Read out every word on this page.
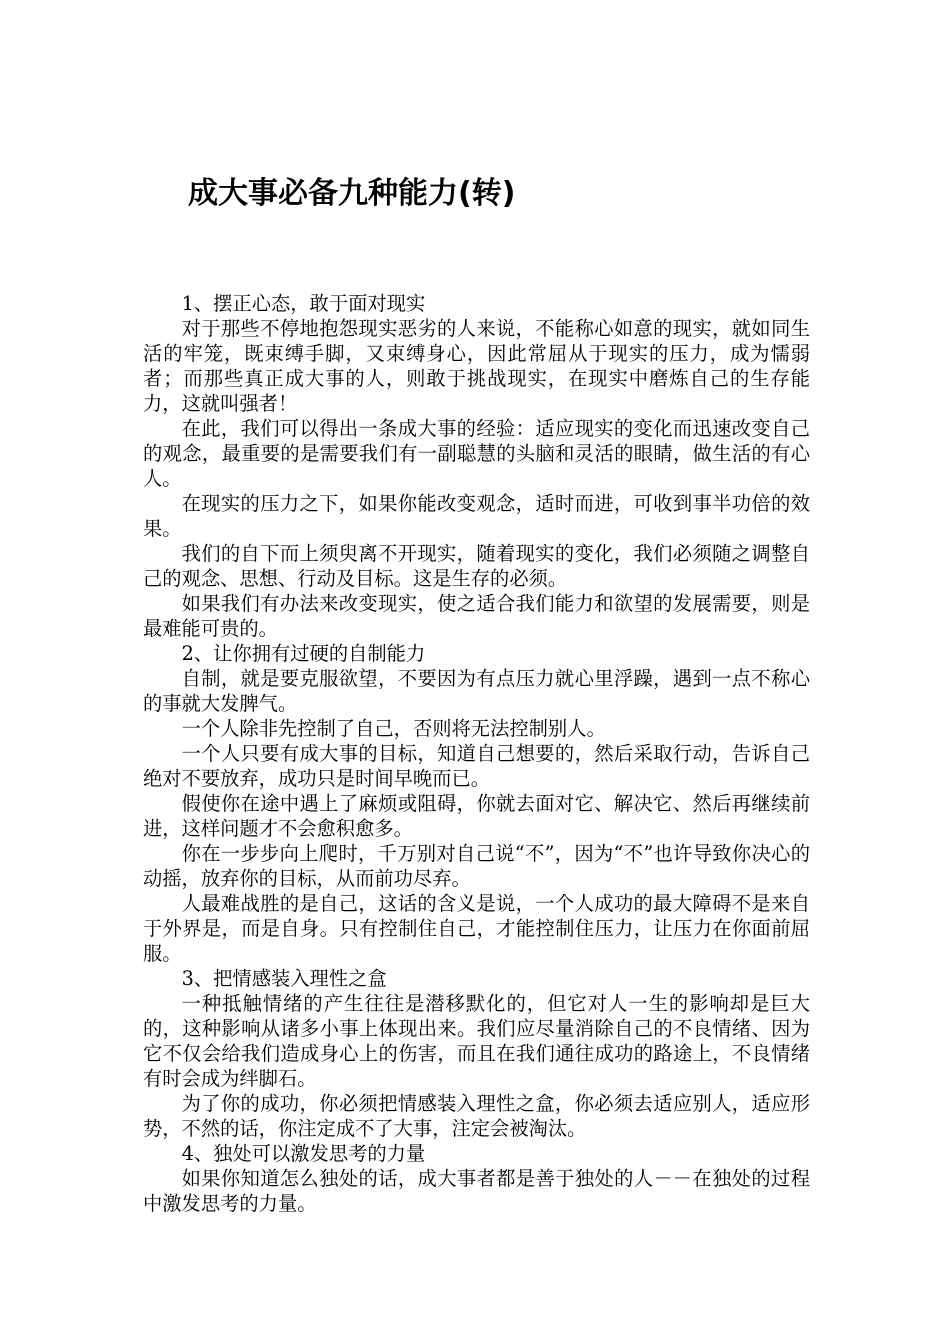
成大事必备九种能力(转)

1、摆正心态，敢于面对现实

对于那些不停地抱怨现实恶劣的人来说，不能称心如意的现实，就如同生活的牢笼，既束缚手脚，又束缚身心，因此常屈从于现实的压力，成为懦弱者；而那些真正成大事的人，则敢于挑战现实，在现实中磨炼自己的生存能力，这就叫强者！

在此，我们可以得出一条成大事的经验：适应现实的变化而迅速改变自己的观念，最重要的是需要我们有一副聪慧的头脑和灵活的眼睛，做生活的有心人。

在现实的压力之下，如果你能改变观念，适时而进，可收到事半功倍的效果。

我们的自下而上须臾离不开现实，随着现实的变化，我们必须随之调整自己的观念、思想、行动及目标。这是生存的必须。

如果我们有办法来改变现实，使之适合我们能力和欲望的发展需要，则是最难能可贵的。

2、让你拥有过硬的自制能力

自制，就是要克服欲望，不要因为有点压力就心里浮躁，遇到一点不称心的事就大发脾气。

一个人除非先控制了自己，否则将无法控制别人。

一个人只要有成大事的目标，知道自己想要的，然后采取行动，告诉自己绝对不要放弃，成功只是时间早晚而已。

假使你在途中遇上了麻烦或阻碍，你就去面对它、解决它、然后再继续前进，这样问题才不会愈积愈多。

你在一步步向上爬时，千万别对自己说“不”，因为“不”也许导致你决心的动摇，放弃你的目标，从而前功尽弃。

人最难战胜的是自己，这话的含义是说，一个人成功的最大障碍不是来自于外界是，而是自身。只有控制住自己，才能控制住压力，让压力在你面前屈服。

3、把情感装入理性之盒

一种抵触情绪的产生往往是潜移默化的，但它对人一生的影响却是巨大的，这种影响从诸多小事上体现出来。我们应尽量消除自己的不良情绪、因为它不仅会给我们造成身心上的伤害，而且在我们通往成功的路途上，不良情绪有时会成为绊脚石。

为了你的成功，你必须把情感装入理性之盒，你必须去适应别人，适应形势，不然的话，你注定成不了大事，注定会被淘汰。

4、独处可以激发思考的力量

如果你知道怎么独处的话，成大事者都是善于独处的人－－在独处的过程中激发思考的力量。
